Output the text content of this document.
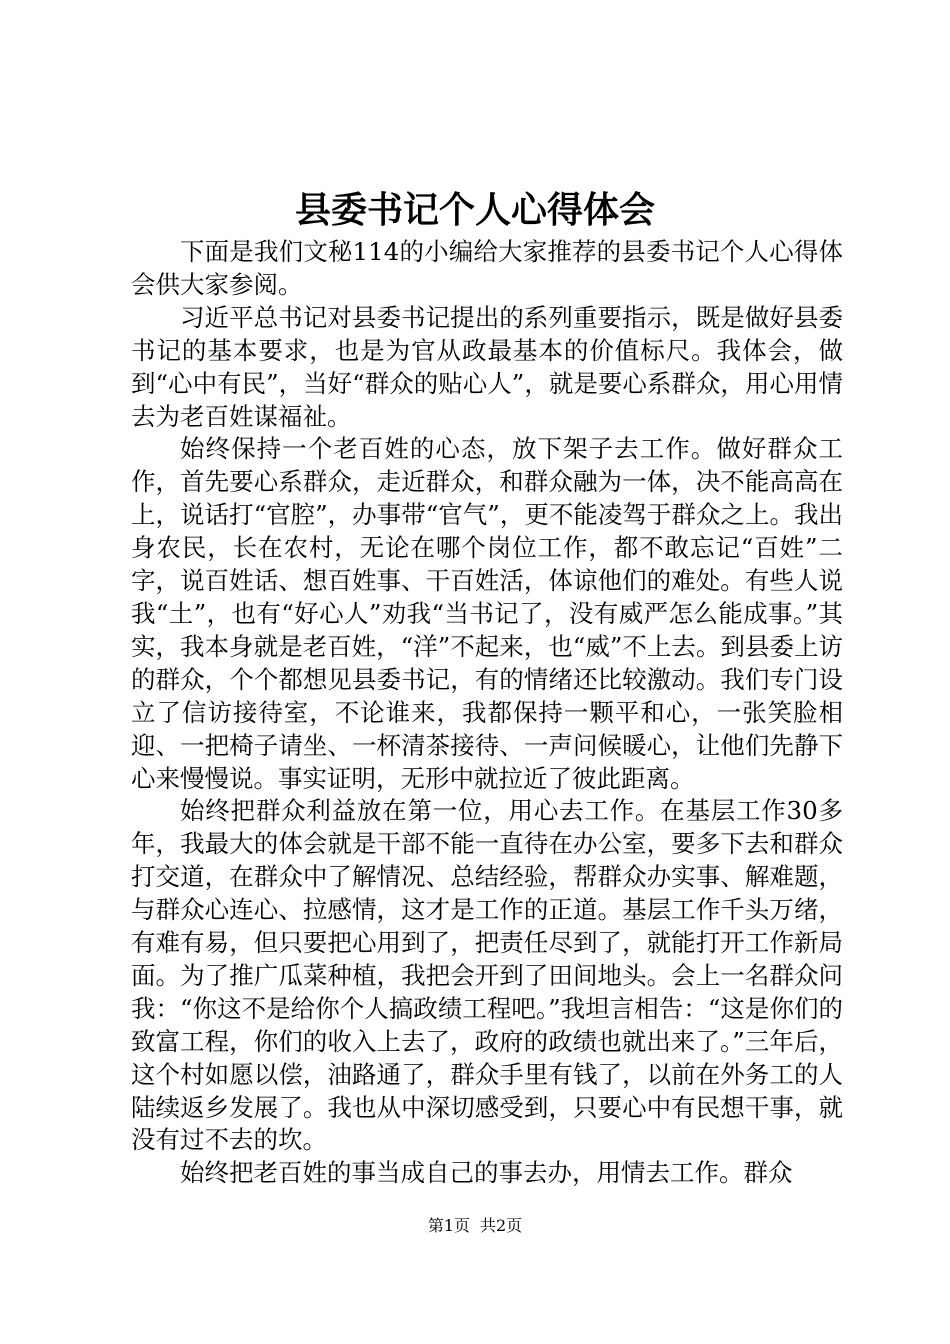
县委书记个人心得体会

下面是我们文秘114的小编给大家推荐的县委书记个人心得体会供大家参阅。

习近平总书记对县委书记提出的系列重要指示，既是做好县委书记的基本要求，也是为官从政最基本的价值标尺。我体会，做到“心中有民”，当好“群众的贴心人”，就是要心系群众，用心用情去为老百姓谋福祉。

始终保持一个老百姓的心态，放下架子去工作。做好群众工作，首先要心系群众，走近群众，和群众融为一体，决不能高高在上，说话打“官腔”，办事带“官气”，更不能凌驾于群众之上。我出身农民，长在农村，无论在哪个岗位工作，都不敢忘记“百姓”二字，说百姓话、想百姓事、干百姓活，体谅他们的难处。有些人说我“土”，也有“好心人”劝我“当书记了，没有威严怎么能成事。”其实，我本身就是老百姓，“洋”不起来，也“威”不上去。到县委上访的群众，个个都想见县委书记，有的情绪还比较激动。我们专门设立了信访接待室，不论谁来，我都保持一颗平和心，一张笑脸相迎、一把椅子请坐、一杯清茶接待、一声问候暖心，让他们先静下心来慢慢说。事实证明，无形中就拉近了彼此距离。

始终把群众利益放在第一位，用心去工作。在基层工作30多年，我最大的体会就是干部不能一直待在办公室，要多下去和群众打交道，在群众中了解情况、总结经验，帮群众办实事、解难题，与群众心连心、拉感情，这才是工作的正道。基层工作千头万绪，有难有易，但只要把心用到了，把责任尽到了，就能打开工作新局面。为了推广瓜菜种植，我把会开到了田间地头。会上一名群众问我：“你这不是给你个人搞政绩工程吧。”我坦言相告：“这是你们的致富工程，你们的收入上去了，政府的政绩也就出来了。”三年后，这个村如愿以偿，油路通了，群众手里有钱了，以前在外务工的人陆续返乡发展了。我也从中深切感受到，只要心中有民想干事，就没有过不去的坎。

始终把老百姓的事当成自己的事去办，用情去工作。群众

第1页 共2页
